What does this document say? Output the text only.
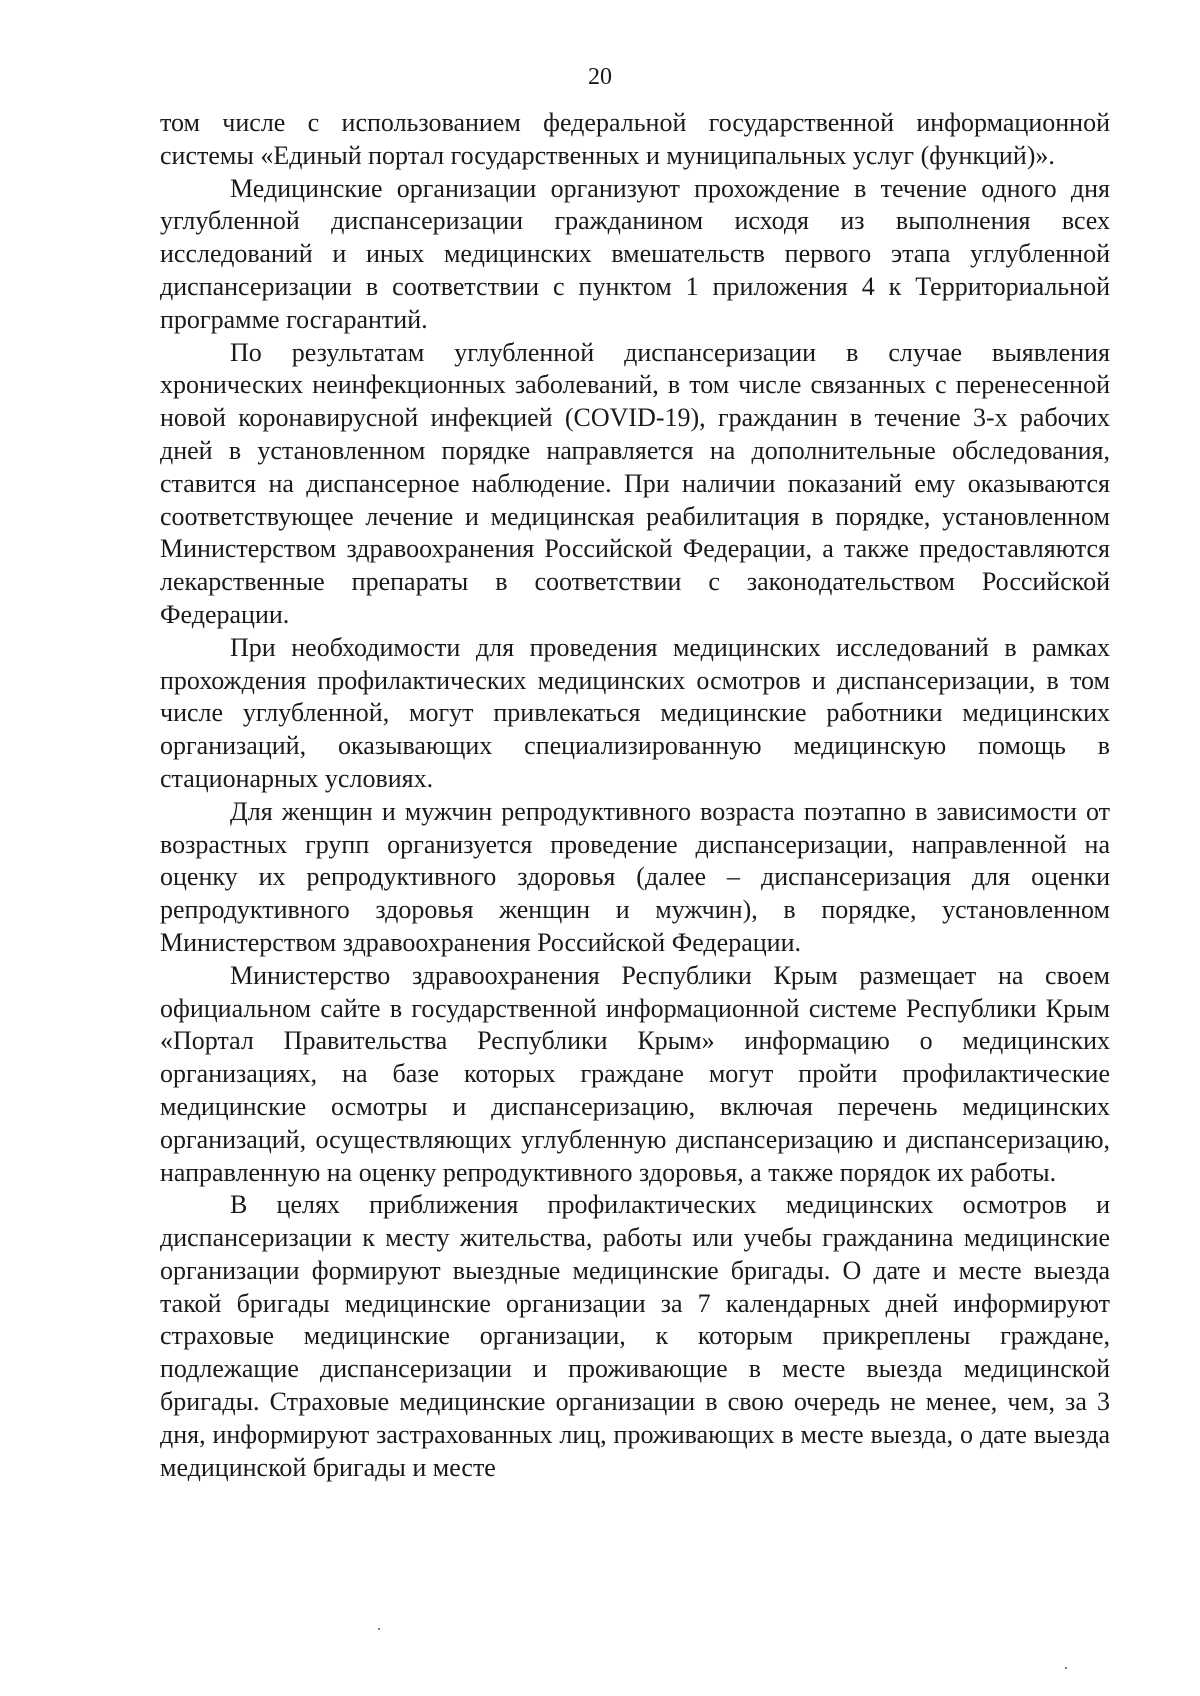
20

том числе с использованием федеральной государственной информационной системы «Единый портал государственных и муниципальных услуг (функций)».

Медицинские организации организуют прохождение в течение одного дня углубленной диспансеризации гражданином исходя из выполнения всех исследований и иных медицинских вмешательств первого этапа углубленной диспансеризации в соответствии с пунктом 1 приложения 4 к Территориальной программе госгарантий.

По результатам углубленной диспансеризации в случае выявления хронических неинфекционных заболеваний, в том числе связанных с перенесенной новой коронавирусной инфекцией (COVID-19), гражданин в течение 3-х рабочих дней в установленном порядке направляется на дополнительные обследования, ставится на диспансерное наблюдение. При наличии показаний ему оказываются соответствующее лечение и медицинская реабилитация в порядке, установленном Министерством здравоохранения Российской Федерации, а также предоставляются лекарственные препараты в соответствии с законодательством Российской Федерации.

При необходимости для проведения медицинских исследований в рамках прохождения профилактических медицинских осмотров и диспансеризации, в том числе углубленной, могут привлекаться медицинские работники медицинских организаций, оказывающих специализированную медицинскую помощь в стационарных условиях.

Для женщин и мужчин репродуктивного возраста поэтапно в зависимости от возрастных групп организуется проведение диспансеризации, направленной на оценку их репродуктивного здоровья (далее – диспансеризация для оценки репродуктивного здоровья женщин и мужчин), в порядке, установленном Министерством здравоохранения Российской Федерации.

Министерство здравоохранения Республики Крым размещает на своем официальном сайте в государственной информационной системе Республики Крым «Портал Правительства Республики Крым» информацию о медицинских организациях, на базе которых граждане могут пройти профилактические медицинские осмотры и диспансеризацию, включая перечень медицинских организаций, осуществляющих углубленную диспансеризацию и диспансеризацию, направленную на оценку репродуктивного здоровья, а также порядок их работы.

В целях приближения профилактических медицинских осмотров и диспансеризации к месту жительства, работы или учебы гражданина медицинские организации формируют выездные медицинские бригады. О дате и месте выезда такой бригады медицинские организации за 7 календарных дней информируют страховые медицинские организации, к которым прикреплены граждане, подлежащие диспансеризации и проживающие в месте выезда медицинской бригады. Страховые медицинские организации в свою очередь не менее, чем, за 3 дня, информируют застрахованных лиц, проживающих в месте выезда, о дате выезда медицинской бригады и месте
